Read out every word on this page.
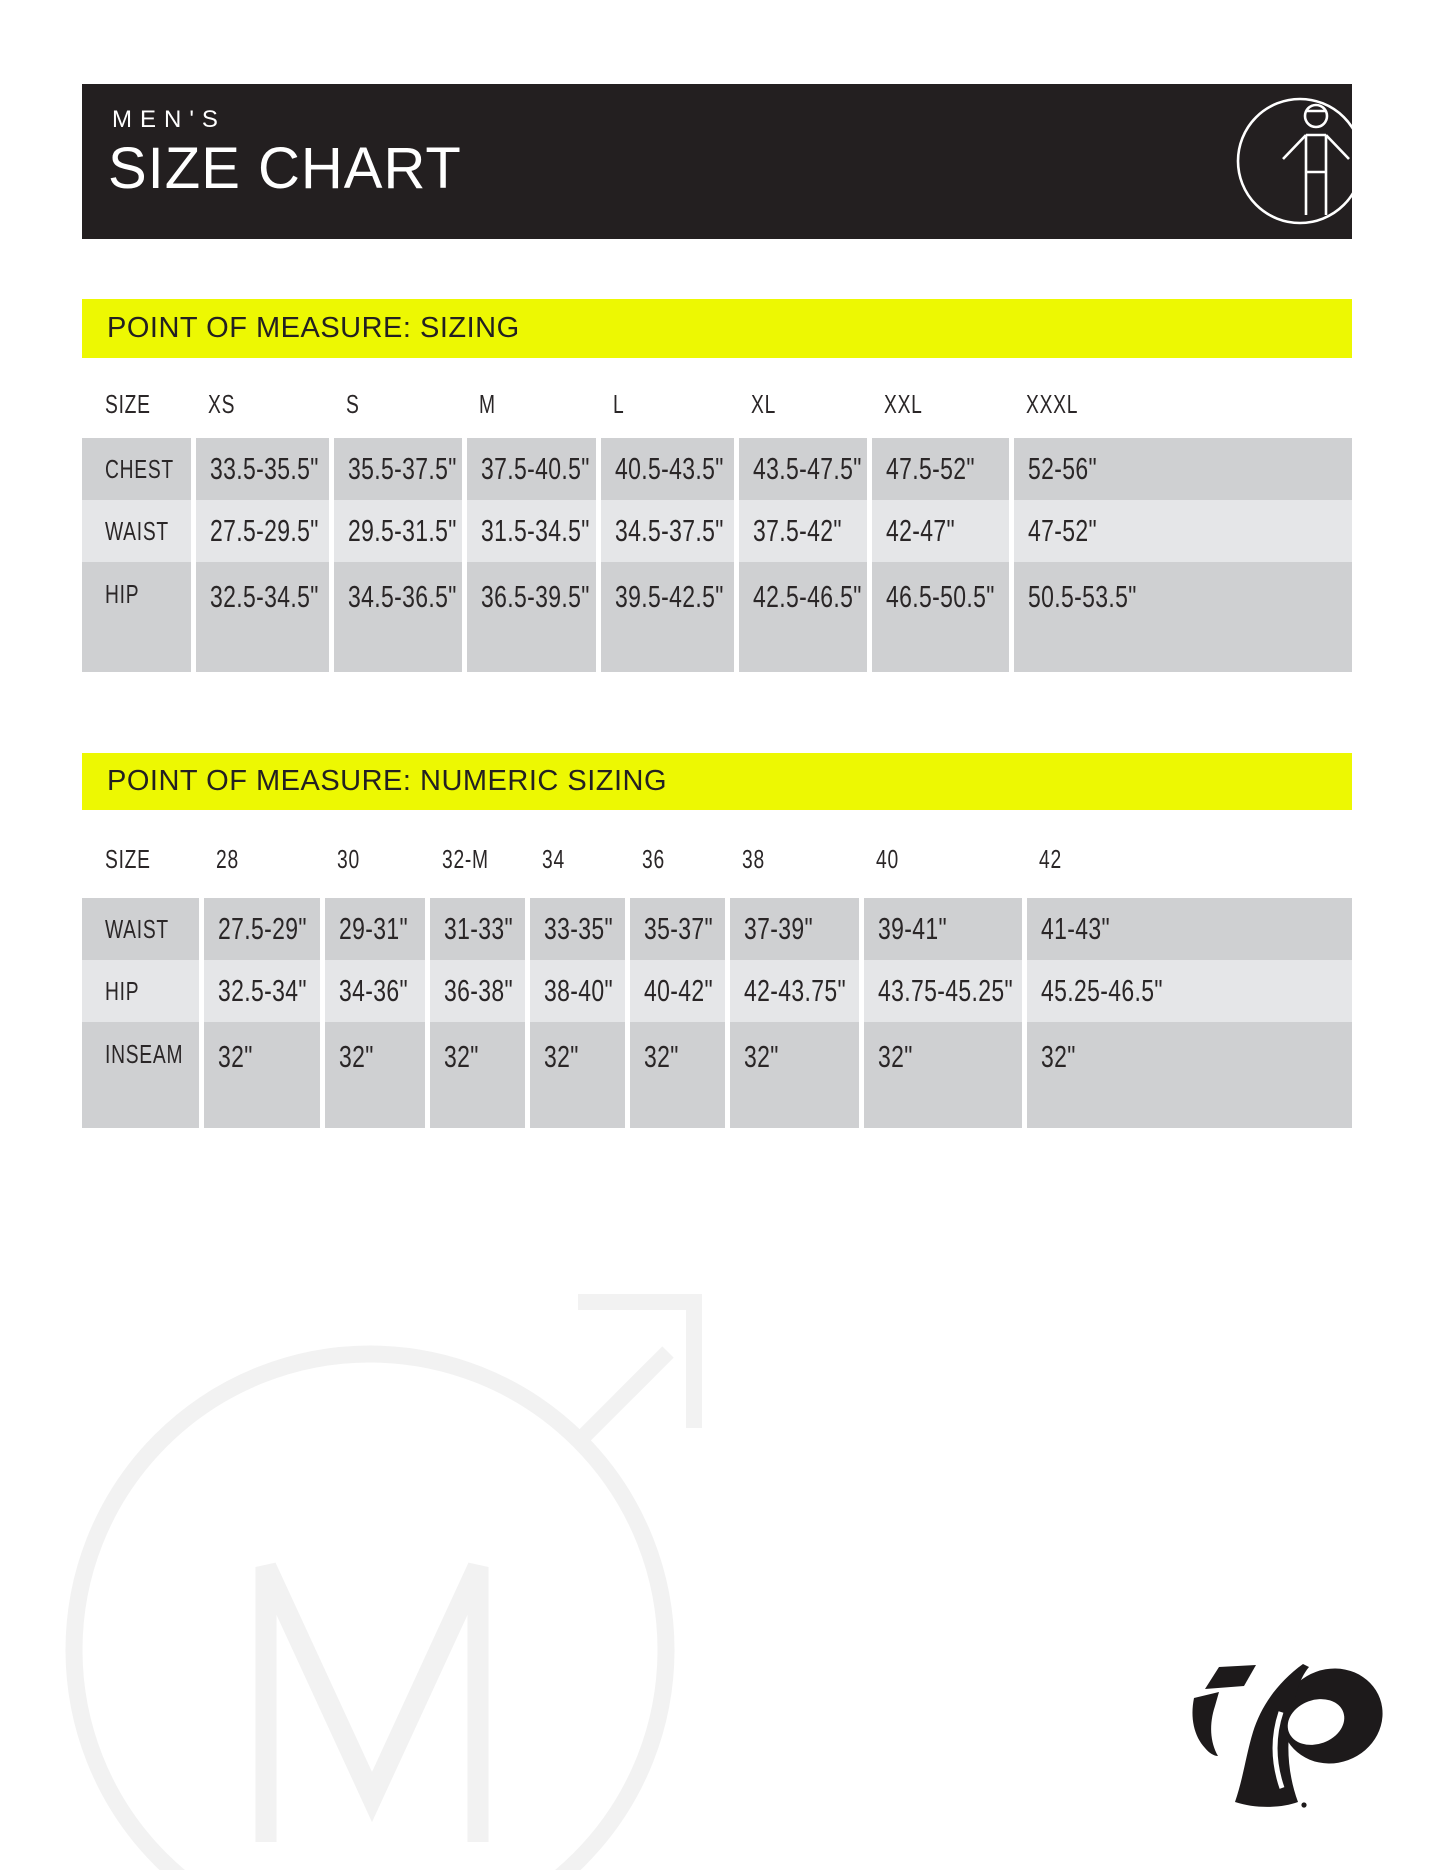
MEN'S
SIZE CHART
POINT OF MEASURE: SIZING
SIZE XS	S	M	L	XL	XXL	XXXL
CHEST 33.5-35.5" 35.5-37.5" 37.5-40.5" 40.5-43.5" 43.5-47.5" 47.5-52" 52-56"
WAIST 27.5-29.5" 29.5-31.5" 31.5-34.5" 34.5-37.5" 37.5-42" 42-47" 47-52"
HIP 32.5-34.5" 34.5-36.5" 36.5-39.5" 39.5-42.5" 42.5-46.5" 46.5-50.5" 50.5-53.5"
POINT OF MEASURE: NUMERIC SIZING
SIZE	28	30	32-M 34	36	38	40	42
WAIST 27.5-29" 29-31" 31-33" 33-35" 35-37" 37-39" 39-41"	41-43"
HIP	32.5-34" 34-36" 36-38" 38-40" 40-42" 42-43.75" 43.75-45.25" 45.25-46.5"
INSEAM 32"	32" 32" 32" 32" 32"	32"	32"
